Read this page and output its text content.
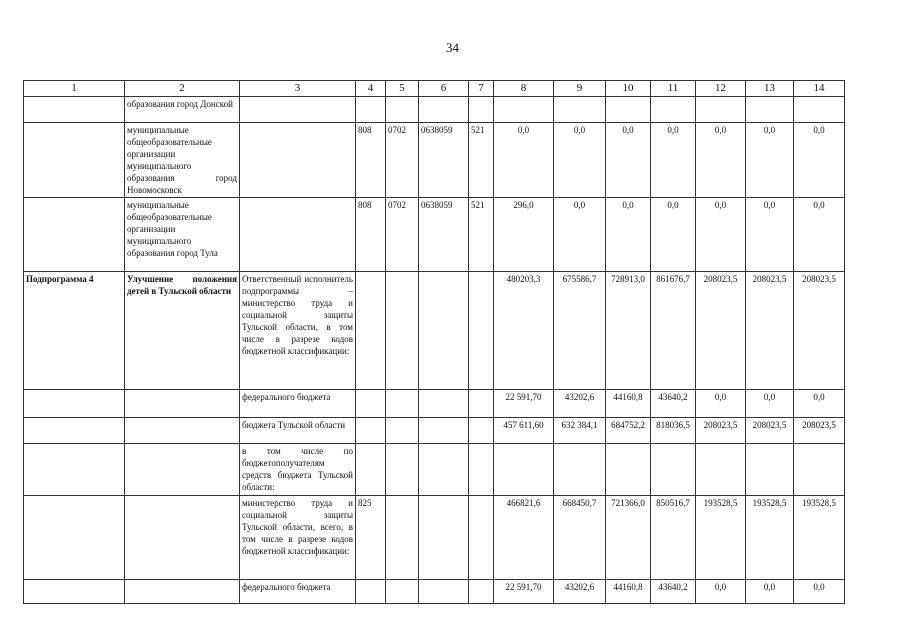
34
1	2	3	4	5	6	7	8	9	10	11	12	13	14
	образования город Донской												
	муниципальные общеобразовательные организации муниципального образования город Новомосковск		808	0702	0638059	521	0,0	0,0	0,0	0,0	0,0	0,0	0,0
	муниципальные общеобразовательные организации муниципального образования город Тула		808	0702	0638059	521	296,0	0,0	0,0	0,0	0,0	0,0	0,0
Подпрограмма 4	Улучшение положения детей в Тульской области	Ответственный исполнитель подпрограммы – министерство труда и социальной защиты Тульской области, в том числе в разрезе кодов бюджетной классификации:					480203,3	675586,7	728913,0	861676,7	208023,5	208023,5	208023,5
		федерального бюджета					22 591,70	43202,6	44160,8	43640,2	0,0	0,0	0,0
		бюджета Тульской области					457 611,60	632 384,1	684752,2	818036,5	208023,5	208023,5	208023,5
		в том числе по бюджетополучателям средств бюджета Тульской области:											
		министерство труда и социальной защиты Тульской области, всего, в том числе в разрезе кодов бюджетной классификации:	825				466821,6	668450,7	721366,0	850516,7	193528,5	193528,5	193528,5
		федерального бюджета					22 591,70	43202,6	44160,8	43640,2	0,0	0,0	0,0
